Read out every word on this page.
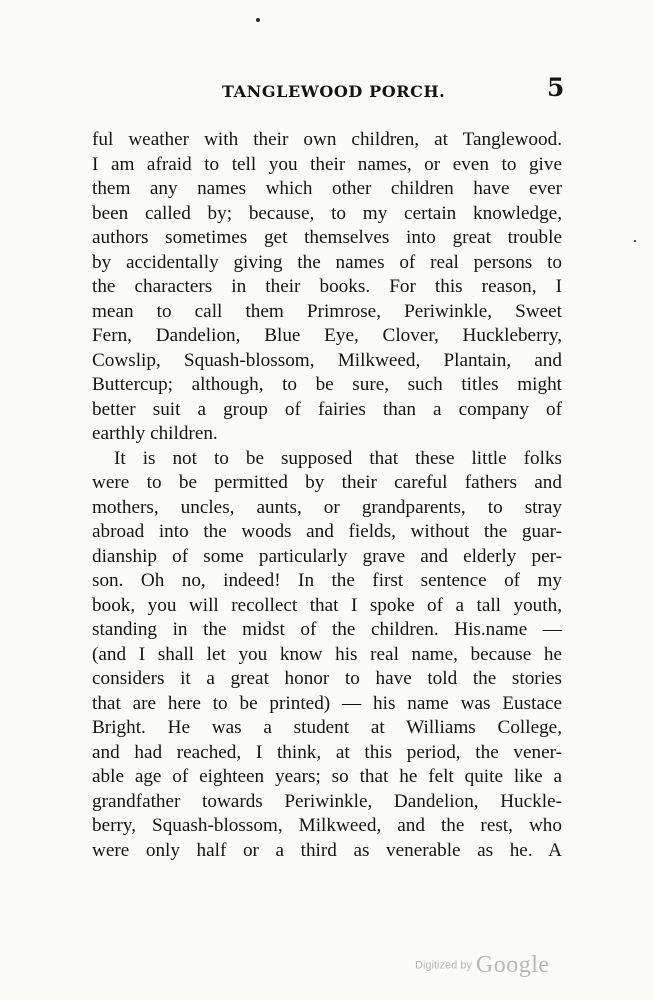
TANGLEWOOD PORCH.	5
ful weather with their own children, at Tanglewood.
I am afraid to tell you their names, or even to give
them any names which other children have ever
been called by; because, to my certain knowledge,
authors sometimes get themselves into great trouble
by accidentally giving the names of real persons to
the characters in their books. For this reason, I
mean to call them Primrose, Periwinkle, Sweet
Fern, Dandelion, Blue Eye, Clover, Huckleberry,
Cowslip, Squash-blossom, Milkweed, Plantain, and
Buttercup; although, to be sure, such titles might
better suit a group of fairies than a company of
earthly children.
It is not to be supposed that these little folks
were to be permitted by their careful fathers and
mothers, uncles, aunts, or grandparents, to stray
abroad into the woods and fields, without the guar-
dianship of some particularly grave and elderly per-
son. Oh no, indeed! In the first sentence of my
book, you will recollect that I spoke of a tall youth,
standing in the midst of the children. His.name —
(and I shall let you know his real name, because he
considers it a great honor to have told the stories
that are here to be printed) — his name was Eustace
Bright. He was a student at Williams College,
and had reached, I think, at this period, the vener-
able age of eighteen years; so that he felt quite like a
grandfather towards Periwinkle, Dandelion, Huckle-
berry, Squash-blossom, Milkweed, and the rest, who
were only half or a third as venerable as he. A
Digitized by Google
